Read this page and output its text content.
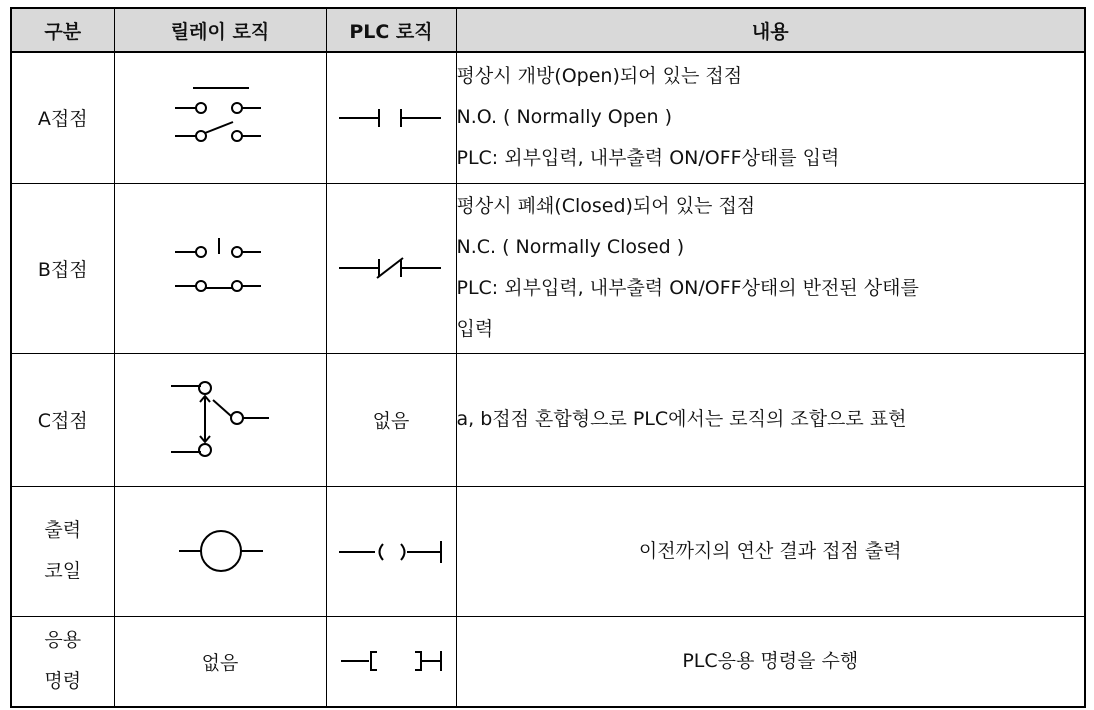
구분	릴레이 로직	PLC 로직	내용
A접점			평상시 개방(Open)되어 있는 접점
N.O. ( Normally Open )
PLC: 외부입력, 내부출력 ON/OFF상태를 입력

B접점			평상시 폐쇄(Closed)되어 있는 접점
N.C. ( Normally Closed )
PLC: 외부입력, 내부출력 ON/OFF상태의 반전된 상태를
입력

C접점		없음	a, b접점 혼합형으로 PLC에서는 로직의 조합으로 표현

출력
코일			이전까지의 연산 결과 접점 출력

응용
명령	없음		PLC응용 명령을 수행
